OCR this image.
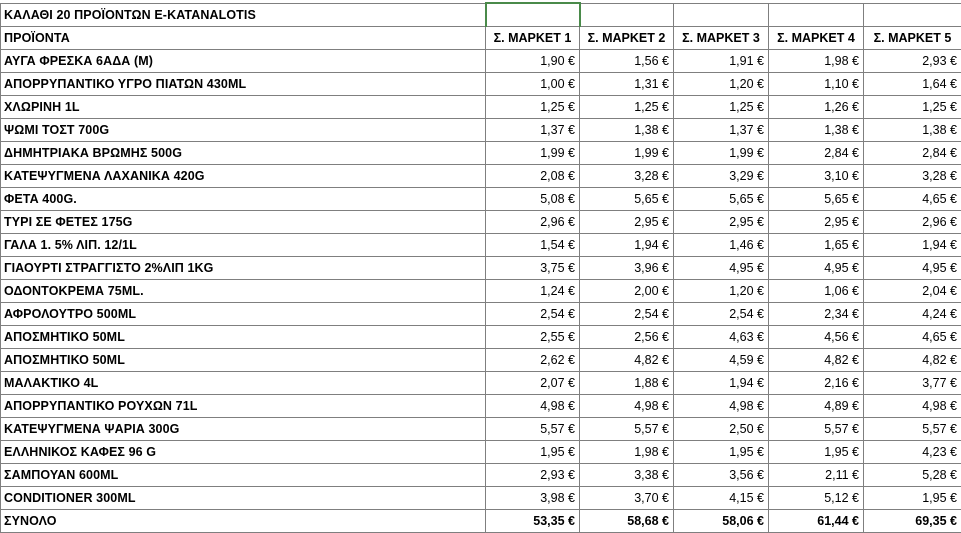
ΚΑΛΑΘΙ 20 ΠΡΟΪΟΝΤΩΝ E-KATANALOTIS					
ΠΡΟΪΟΝΤΑ	Σ. ΜΑΡΚΕΤ 1	Σ. ΜΑΡΚΕΤ 2	Σ. ΜΑΡΚΕΤ 3	Σ. ΜΑΡΚΕΤ 4	Σ. ΜΑΡΚΕΤ 5
ΑΥΓΑ ΦΡΕΣΚΑ 6ΑΔΑ (M)	1,90 €	1,56 €	1,91 €	1,98 €	2,93 €
ΑΠΟΡΡΥΠΑΝΤΙΚΟ ΥΓΡΟ ΠΙΑΤΩΝ 430ML	1,00 €	1,31 €	1,20 €	1,10 €	1,64 €
ΧΛΩΡΙΝΗ 1L	1,25 €	1,25 €	1,25 €	1,26 €	1,25 €
ΨΩΜΙ ΤΟΣΤ 700G	1,37 €	1,38 €	1,37 €	1,38 €	1,38 €
ΔΗΜΗΤΡΙΑΚΑ ΒΡΩΜΗΣ 500G	1,99 €	1,99 €	1,99 €	2,84 €	2,84 €
ΚΑΤΕΨΥΓΜΕΝΑ ΛΑΧΑΝΙΚΑ 420G	2,08 €	3,28 €	3,29 €	3,10 €	3,28 €
ΦΕΤΑ 400G.	5,08 €	5,65 €	5,65 €	5,65 €	4,65 €
ΤΥΡΙ ΣΕ ΦΕΤΕΣ 175G	2,96 €	2,95 €	2,95 €	2,95 €	2,96 €
ΓΑΛΑ 1. 5% ΛΙΠ. 12/1L	1,54 €	1,94 €	1,46 €	1,65 €	1,94 €
ΓΙΑΟΥΡΤΙ ΣΤΡΑΓΓΙΣΤΟ 2%ΛΙΠ 1KG	3,75 €	3,96 €	4,95 €	4,95 €	4,95 €
ΟΔΟΝΤΟΚΡΕΜΑ 75ML.	1,24 €	2,00 €	1,20 €	1,06 €	2,04 €
ΑΦΡΟΛΟΥΤΡΟ 500ML	2,54 €	2,54 €	2,54 €	2,34 €	4,24 €
ΑΠΟΣΜΗΤΙΚΟ 50ML	2,55 €	2,56 €	4,63 €	4,56 €	4,65 €
ΑΠΟΣΜΗΤΙΚΟ 50ML	2,62 €	4,82 €	4,59 €	4,82 €	4,82 €
ΜΑΛΑΚΤΙΚΟ 4L	2,07 €	1,88 €	1,94 €	2,16 €	3,77 €
ΑΠΟΡΡΥΠΑΝΤΙΚΟ ΡΟΥΧΩΝ 71L	4,98 €	4,98 €	4,98 €	4,89 €	4,98 €
ΚΑΤΕΨΥΓΜΕΝΑ ΨΑΡΙΑ 300G	5,57 €	5,57 €	2,50 €	5,57 €	5,57 €
ΕΛΛΗΝΙΚΟΣ ΚΑΦΕΣ 96 G	1,95 €	1,98 €	1,95 €	1,95 €	4,23 €
ΣΑΜΠΟΥΑΝ 600ML	2,93 €	3,38 €	3,56 €	2,11 €	5,28 €
CONDITIONER 300ML	3,98 €	3,70 €	4,15 €	5,12 €	1,95 €
ΣΥΝΟΛΟ	53,35 €	58,68 €	58,06 €	61,44 €	69,35 €
